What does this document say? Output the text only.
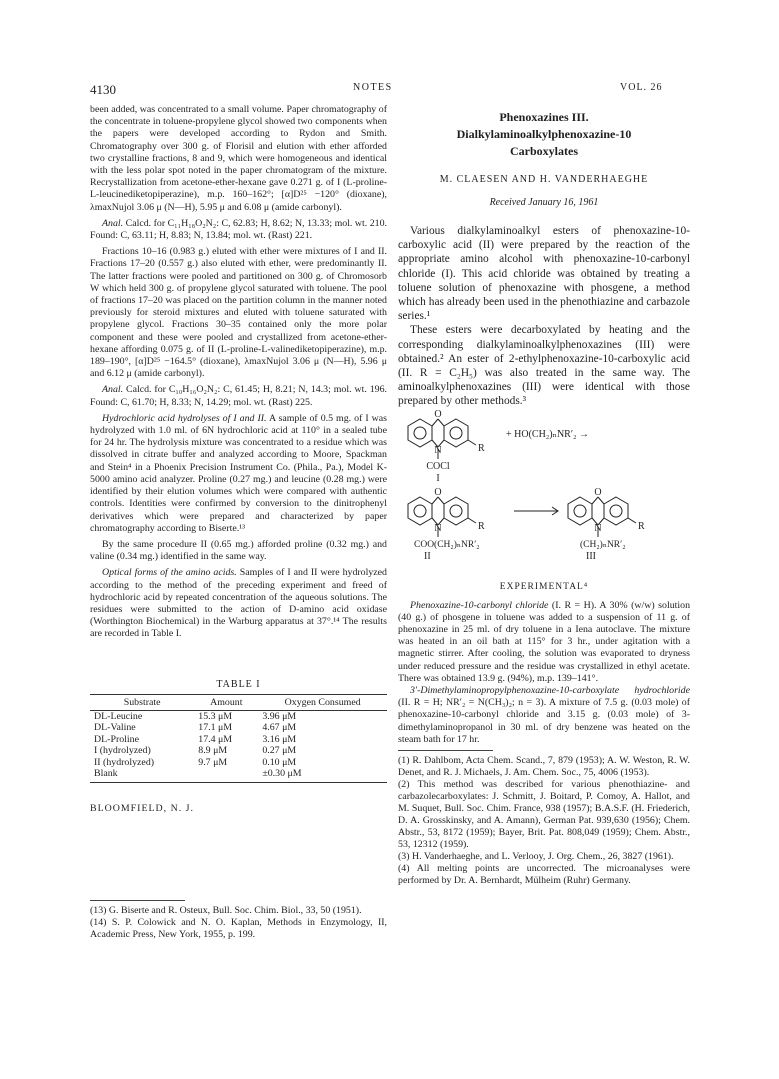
4130	NOTES	VOL. 26

been added, was concentrated to a small volume. Paper chromatography of the concentrate in toluene-propylene glycol showed two components when the papers were developed according to Rydon and Smith. Chromatography over 300 g. of Florisil and elution with ether afforded two crystalline fractions, 8 and 9, which were homogeneous and identical with the less polar spot noted in the paper chromatogram of the mixture. Recrystallization from acetone-ether-hexane gave 0.271 g. of I (L-proline-L-leucinediketopiperazine), m.p. 160–162°; [α]D²⁵ −120° (dioxane), λmaxNujol 3.06 μ (N—H), 5.95 μ and 6.08 μ (amide carbonyl).

Anal. Calcd. for C₁₁H₁₈O₂N₂: C, 62.83; H, 8.62; N, 13.33; mol. wt. 210. Found: C, 63.11; H, 8.83; N, 13.84; mol. wt. (Rast) 221.

Fractions 10–16 (0.983 g.) eluted with ether were mixtures of I and II. Fractions 17–20 (0.557 g.) also eluted with ether, were predominantly II. The latter fractions were pooled and partitioned on 300 g. of Chromosorb W which held 300 g. of propylene glycol saturated with toluene. The pool of fractions 17–20 was placed on the partition column in the manner noted previously for steroid mixtures and eluted with toluene saturated with propylene glycol. Fractions 30–35 contained only the more polar component and these were pooled and crystallized from acetone-ether-hexane affording 0.075 g. of II (L-proline-L-valinediketopiperazine), m.p. 189–190°, [α]D²⁵ −164.5° (dioxane), λmaxNujol 3.06 μ (N—H), 5.96 μ and 6.12 μ (amide carbonyl).

Anal. Calcd. for C₁₀H₁₆O₂N₂: C, 61.45; H, 8.21; N, 14.3; mol. wt. 196. Found: C, 61.70; H, 8.33; N, 14.29; mol. wt. (Rast) 225.

Hydrochloric acid hydrolyses of I and II. A sample of 0.5 mg. of I was hydrolyzed with 1.0 ml. of 6N hydrochloric acid at 110° in a sealed tube for 24 hr. The hydrolysis mixture was concentrated to a residue which was dissolved in citrate buffer and analyzed according to Moore, Spackman and Stein⁴ in a Phoenix Precision Instrument Co. (Phila., Pa.), Model K-5000 amino acid analyzer. Proline (0.27 mg.) and leucine (0.28 mg.) were identified by their elution volumes which were compared with authentic controls. Identities were confirmed by conversion to the dinitrophenyl derivatives which were prepared and characterized by paper chromatography according to Biserte.¹³

By the same procedure II (0.65 mg.) afforded proline (0.32 mg.) and valine (0.34 mg.) identified in the same way.

Optical forms of the amino acids. Samples of I and II were hydrolyzed according to the method of the preceding experiment and freed of hydrochloric acid by repeated concentration of the aqueous solutions. The residues were submitted to the action of D-amino acid oxidase (Worthington Biochemical) in the Warburg apparatus at 37°.¹⁴ The results are recorded in Table I.

TABLE I

Substrate	Amount	Oxygen Consumed
DL-Leucine	15.3 μM	3.96 μM
DL-Valine	17.1 μM	4.67 μM
DL-Proline	17.4 μM	3.16 μM
I (hydrolyzed)	8.9 μM	0.27 μM
II (hydrolyzed)	9.7 μM	0.10 μM
Blank		±0.30 μM

BLOOMFIELD, N. J.

(13) G. Biserte and R. Osteux, Bull. Soc. Chim. Biol., 33, 50 (1951).

(14) S. P. Colowick and N. O. Kaplan, Methods in Enzymology, II, Academic Press, New York, 1955, p. 199.

Phenoxazines III.

Dialkylaminoalkylphenoxazine-10

Carboxylates

M. CLAESEN AND H. VANDERHAEGHE

Received January 16, 1961

Various dialkylaminoalkyl esters of phenoxazine-10-carboxylic acid (II) were prepared by the reaction of the appropriate amino alcohol with phenoxazine-10-carbonyl chloride (I). This acid chloride was obtained by treating a toluene solution of phenoxazine with phosgene, a method which has already been used in the phenothiazine and carbazole series.¹

These esters were decarboxylated by heating and the corresponding dialkylaminoalkylphenoxazines (III) were obtained.² An ester of 2-ethylphenoxazine-10-carboxylic acid (II. R = C₂H₅) was also treated in the same way. The aminoalkylphenoxazines (III) were identical with those prepared by other methods.³

O
N	R
COCl
I
+ HO(CH₂)ₙNR′₂ →
O
N	R
COO(CH₂)ₙNR′₂
II
O
N	R
(CH₂)ₙNR′₂
III

EXPERIMENTAL⁴

Phenoxazine-10-carbonyl chloride (I. R = H). A 30% (w/w) solution (40 g.) of phosgene in toluene was added to a suspension of 11 g. of phenoxazine in 25 ml. of dry toluene in a Iena autoclave. The mixture was heated in an oil bath at 115° for 3 hr., under agitation with a magnetic stirrer. After cooling, the solution was evaporated to dryness under reduced pressure and the residue was crystallized in ethyl acetate. There was obtained 13.9 g. (94%), m.p. 139–141°.

3′-Dimethylaminopropylphenoxazine-10-carboxylate hydrochloride (II. R = H; NR′₂ = N(CH₃)₂; n = 3). A mixture of 7.5 g. (0.03 mole) of phenoxazine-10-carbonyl chloride and 3.15 g. (0.03 mole) of 3-dimethylaminopropanol in 30 ml. of dry benzene was heated on the steam bath for 17 hr.

(1) R. Dahlbom, Acta Chem. Scand., 7, 879 (1953); A. W. Weston, R. W. Denet, and R. J. Michaels, J. Am. Chem. Soc., 75, 4006 (1953).

(2) This method was described for various phenothiazine- and carbazolecarboxylates: J. Schmitt, J. Boitard, P. Comoy, A. Hallot, and M. Suquet, Bull. Soc. Chim. France, 938 (1957); B.A.S.F. (H. Friederich, D. A. Grosskinsky, and A. Amann), German Pat. 939,630 (1956); Chem. Abstr., 53, 8172 (1959); Bayer, Brit. Pat. 808,049 (1959); Chem. Abstr., 53, 12312 (1959).

(3) H. Vanderhaeghe, and L. Verlooy, J. Org. Chem., 26, 3827 (1961).

(4) All melting points are uncorrected. The microanalyses were performed by Dr. A. Bernhardt, Mülheim (Ruhr) Germany.
